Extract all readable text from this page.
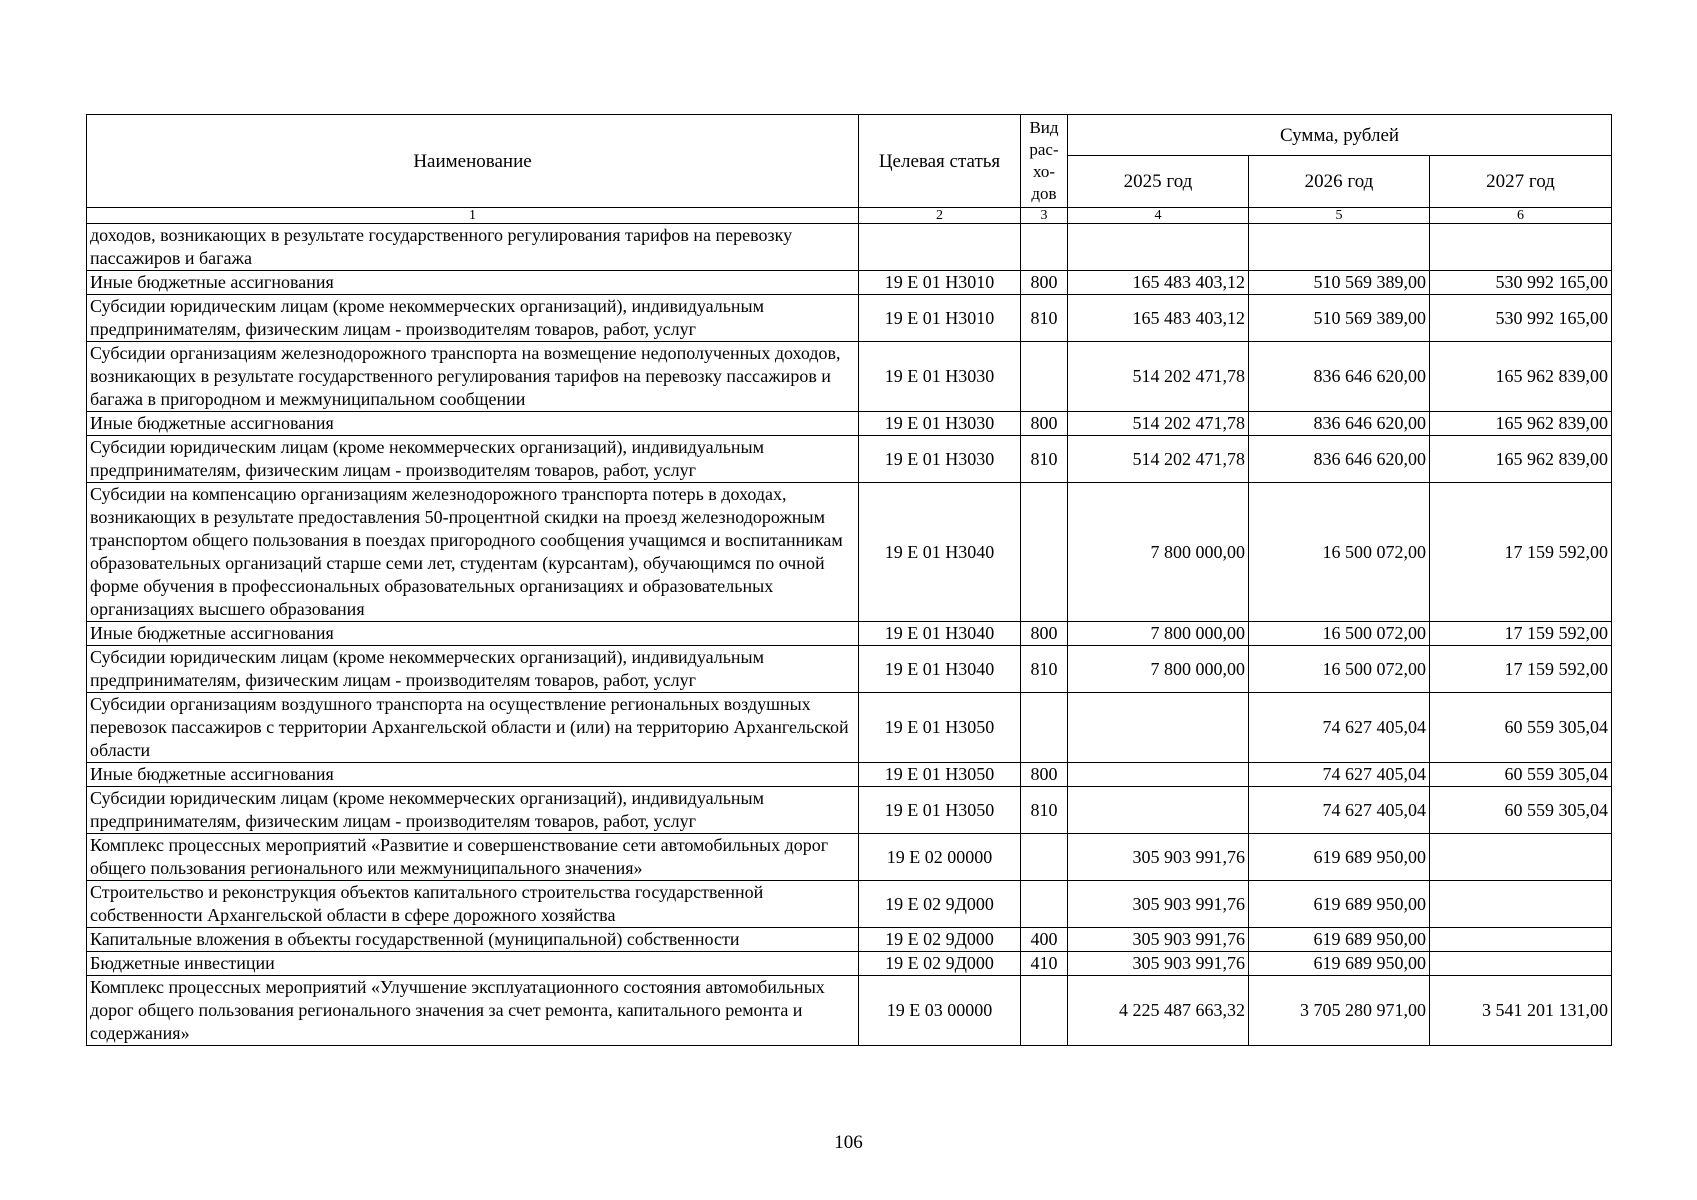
Наименование	Целевая статья	Вид рас-хо-дов	Сумма, рублей		
			2025 год	2026 год	2027 год
1	2	3	4	5	6
доходов, возникающих в результате государственного регулирования тарифов на перевозку пассажиров и багажа					
Иные бюджетные ассигнования	19 Е 01 Н3010	800	165 483 403,12	510 569 389,00	530 992 165,00
Субсидии юридическим лицам (кроме некоммерческих организаций), индивидуальным предпринимателям, физическим лицам - производителям товаров, работ, услуг	19 Е 01 Н3010	810	165 483 403,12	510 569 389,00	530 992 165,00
Субсидии организациям железнодорожного транспорта на возмещение недополученных доходов, возникающих в результате государственного регулирования тарифов на перевозку пассажиров и багажа в пригородном и межмуниципальном сообщении	19 Е 01 Н3030		514 202 471,78	836 646 620,00	165 962 839,00
Иные бюджетные ассигнования	19 Е 01 Н3030	800	514 202 471,78	836 646 620,00	165 962 839,00
Субсидии юридическим лицам (кроме некоммерческих организаций), индивидуальным предпринимателям, физическим лицам - производителям товаров, работ, услуг	19 Е 01 Н3030	810	514 202 471,78	836 646 620,00	165 962 839,00
Субсидии на компенсацию организациям железнодорожного транспорта потерь в доходах, возникающих в результате предоставления 50-процентной скидки на проезд железнодорожным транспортом общего пользования в поездах пригородного сообщения учащимся и воспитанникам образовательных организаций старше семи лет, студентам (курсантам), обучающимся по очной форме обучения в профессиональных образовательных организациях и образовательных организациях высшего образования	19 Е 01 Н3040		7 800 000,00	16 500 072,00	17 159 592,00
Иные бюджетные ассигнования	19 Е 01 Н3040	800	7 800 000,00	16 500 072,00	17 159 592,00
Субсидии юридическим лицам (кроме некоммерческих организаций), индивидуальным предпринимателям, физическим лицам - производителям товаров, работ, услуг	19 Е 01 Н3040	810	7 800 000,00	16 500 072,00	17 159 592,00
Субсидии организациям воздушного транспорта на осуществление региональных воздушных перевозок пассажиров с территории Архангельской области и (или) на территорию Архангельской области	19 Е 01 Н3050			74 627 405,04	60 559 305,04
Иные бюджетные ассигнования	19 Е 01 Н3050	800		74 627 405,04	60 559 305,04
Субсидии юридическим лицам (кроме некоммерческих организаций), индивидуальным предпринимателям, физическим лицам - производителям товаров, работ, услуг	19 Е 01 Н3050	810		74 627 405,04	60 559 305,04
Комплекс процессных мероприятий «Развитие и совершенствование сети автомобильных дорог общего пользования регионального или межмуниципального значения»	19 Е 02 00000		305 903 991,76	619 689 950,00	
Строительство и реконструкция объектов капитального строительства государственной собственности Архангельской области в сфере дорожного хозяйства	19 Е 02 9Д000		305 903 991,76	619 689 950,00	
Капитальные вложения в объекты государственной (муниципальной) собственности	19 Е 02 9Д000	400	305 903 991,76	619 689 950,00	
Бюджетные инвестиции	19 Е 02 9Д000	410	305 903 991,76	619 689 950,00	
Комплекс процессных мероприятий «Улучшение эксплуатационного состояния автомобильных дорог общего пользования регионального значения за счет ремонта, капитального ремонта и содержания»	19 Е 03 00000		4 225 487 663,32	3 705 280 971,00	3 541 201 131,00
106
